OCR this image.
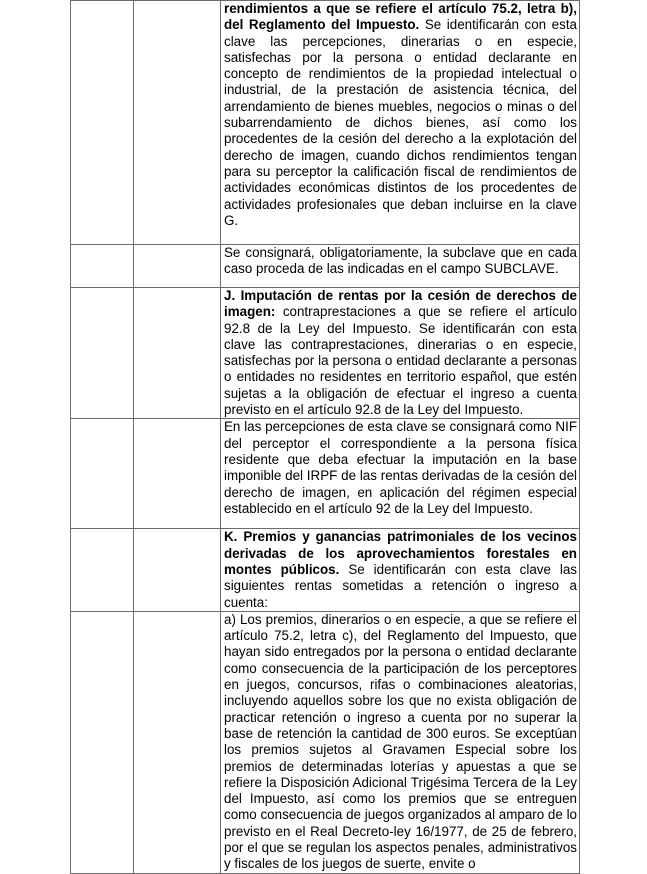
		rendimientos a que se refiere el artículo 75.2, letra b), del Reglamento del Impuesto. Se identificarán con esta clave las percepciones, dinerarias o en especie, satisfechas por la persona o entidad declarante en concepto de rendimientos de la propiedad intelectual o industrial, de la prestación de asistencia técnica, del arrendamiento de bienes muebles, negocios o minas o del subarrendamiento de dichos bienes, así como los procedentes de la cesión del derecho a la explotación del derecho de imagen, cuando dichos rendimientos tengan para su perceptor la calificación fiscal de rendimientos de actividades económicas distintos de los procedentes de actividades profesionales que deban incluirse en la clave G.
		Se consignará, obligatoriamente, la subclave que en cada caso proceda de las indicadas en el campo SUBCLAVE.
		J. Imputación de rentas por la cesión de derechos de imagen: contraprestaciones a que se refiere el artículo 92.8 de la Ley del Impuesto. Se identificarán con esta clave las contraprestaciones, dinerarias o en especie, satisfechas por la persona o entidad declarante a personas o entidades no residentes en territorio español, que estén sujetas a la obligación de efectuar el ingreso a cuenta previsto en el artículo 92.8 de la Ley del Impuesto.
		En las percepciones de esta clave se consignará como NIF del perceptor el correspondiente a la persona física residente que deba efectuar la imputación en la base imponible del IRPF de las rentas derivadas de la cesión del derecho de imagen, en aplicación del régimen especial establecido en el artículo 92 de la Ley del Impuesto.
		K. Premios y ganancias patrimoniales de los vecinos derivadas de los aprovechamientos forestales en montes públicos. Se identificarán con esta clave las siguientes rentas sometidas a retención o ingreso a cuenta:
		a) Los premios, dinerarios o en especie, a que se refiere el artículo 75.2, letra c), del Reglamento del Impuesto, que hayan sido entregados por la persona o entidad declarante como consecuencia de la participación de los perceptores en juegos, concursos, rifas o combinaciones aleatorias, incluyendo aquellos sobre los que no exista obligación de practicar retención o ingreso a cuenta por no superar la base de retención la cantidad de 300 euros. Se exceptúan los premios sujetos al Gravamen Especial sobre los premios de determinadas loterías y apuestas a que se refiere la Disposición Adicional Trigésima Tercera de la Ley del Impuesto, así como los premios que se entreguen como consecuencia de juegos organizados al amparo de lo previsto en el Real Decreto-ley 16/1977, de 25 de febrero, por el que se regulan los aspectos penales, administrativos y fiscales de los juegos de suerte, envite o
